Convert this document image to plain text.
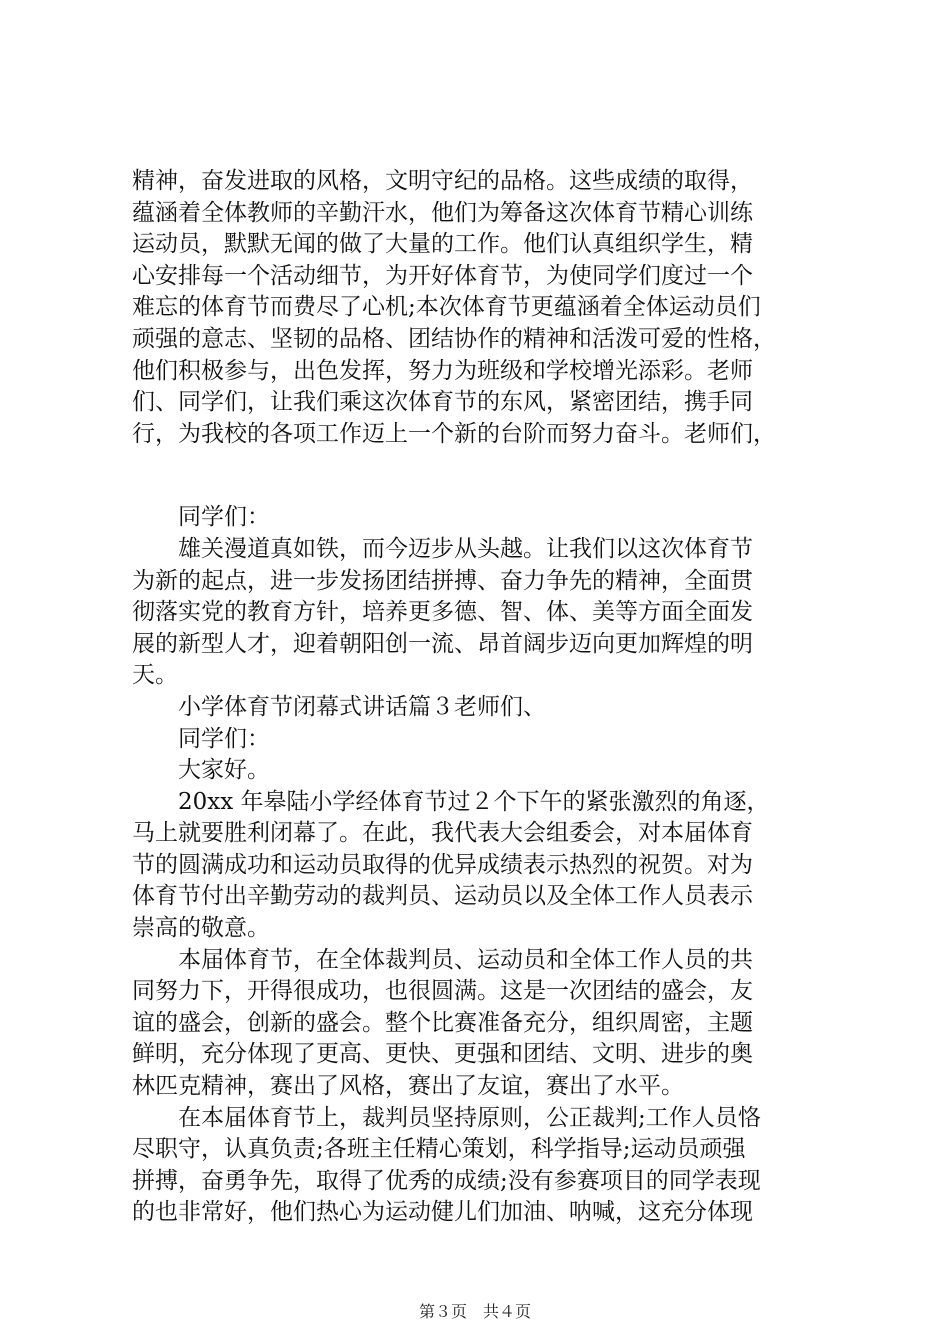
精神，奋发进取的风格，文明守纪的品格。这些成绩的取得，

蕴涵着全体教师的辛勤汗水，他们为筹备这次体育节精心训练

运动员，默默无闻的做了大量的工作。他们认真组织学生，精

心安排每一个活动细节，为开好体育节，为使同学们度过一个

难忘的体育节而费尽了心机;本次体育节更蕴涵着全体运动员们

顽强的意志、坚韧的品格、团结协作的精神和活泼可爱的性格，

他们积极参与，出色发挥，努力为班级和学校增光添彩。老师

们、同学们，让我们乘这次体育节的东风，紧密团结，携手同

行，为我校的各项工作迈上一个新的台阶而努力奋斗。老师们，

　　同学们：

　　雄关漫道真如铁，而今迈步从头越。让我们以这次体育节

为新的起点，进一步发扬团结拼搏、奋力争先的精神，全面贯

彻落实党的教育方针，培养更多德、智、体、美等方面全面发

展的新型人才，迎着朝阳创一流、昂首阔步迈向更加辉煌的明

天。

　　小学体育节闭幕式讲话篇３老师们、

　　同学们：

　　大家好。

　　20xx 年皋陆小学经体育节过２个下午的紧张激烈的角逐，

马上就要胜利闭幕了。在此，我代表大会组委会，对本届体育

节的圆满成功和运动员取得的优异成绩表示热烈的祝贺。对为

体育节付出辛勤劳动的裁判员、运动员以及全体工作人员表示

崇高的敬意。

　　本届体育节，在全体裁判员、运动员和全体工作人员的共

同努力下，开得很成功，也很圆满。这是一次团结的盛会，友

谊的盛会，创新的盛会。整个比赛准备充分，组织周密，主题

鲜明，充分体现了更高、更快、更强和团结、文明、进步的奥

林匹克精神，赛出了风格，赛出了友谊，赛出了水平。

　　在本届体育节上，裁判员坚持原则，公正裁判;工作人员恪

尽职守，认真负责;各班主任精心策划，科学指导;运动员顽强

拼搏，奋勇争先，取得了优秀的成绩;没有参赛项目的同学表现

的也非常好，他们热心为运动健儿们加油、呐喊，这充分体现

第３页　共４页
